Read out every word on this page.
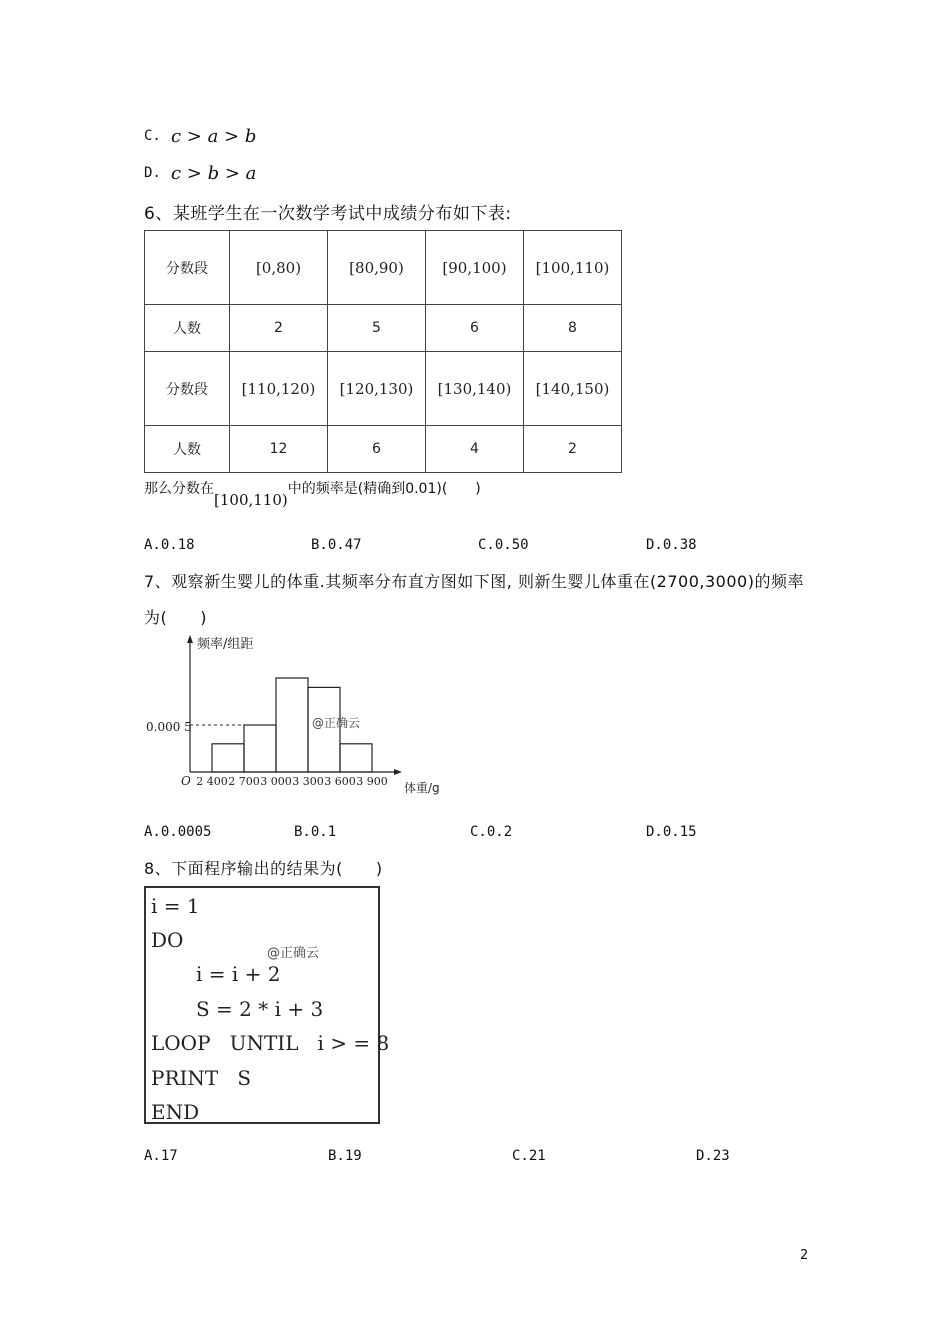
C. c > a > b
D. c > b > a
6、某班学生在一次数学考试中成绩分布如下表:
分数段	[0,80)	[80,90)	[90,100)	[100,110)
人数	2	5	6	8
分数段	[110,120)	[120,130)	[130,140)	[140,150)
人数	12	6	4	2
那么分数在[100,110)中的频率是(精确到0.01)(　　)
A.0.18	B.0.47	C.0.50	D.0.38
7、观察新生婴儿的体重.其频率分布直方图如下图, 则新生婴儿体重在(2700,3000)的频率
为(　　)
频率/组距
体重/g
O
0.000 5
2 400 2 700 3 000 3 300 3 600 3 900
@正确云
A.0.0005	B.0.1	C.0.2	D.0.15
8、下面程序输出的结果为(　　)
i = 1
DO
i = i + 2
S = 2 * i + 3
LOOP   UNTIL   i > = 8
PRINT   S
END
@正确云
A.17	B.19	C.21	D.23
2
